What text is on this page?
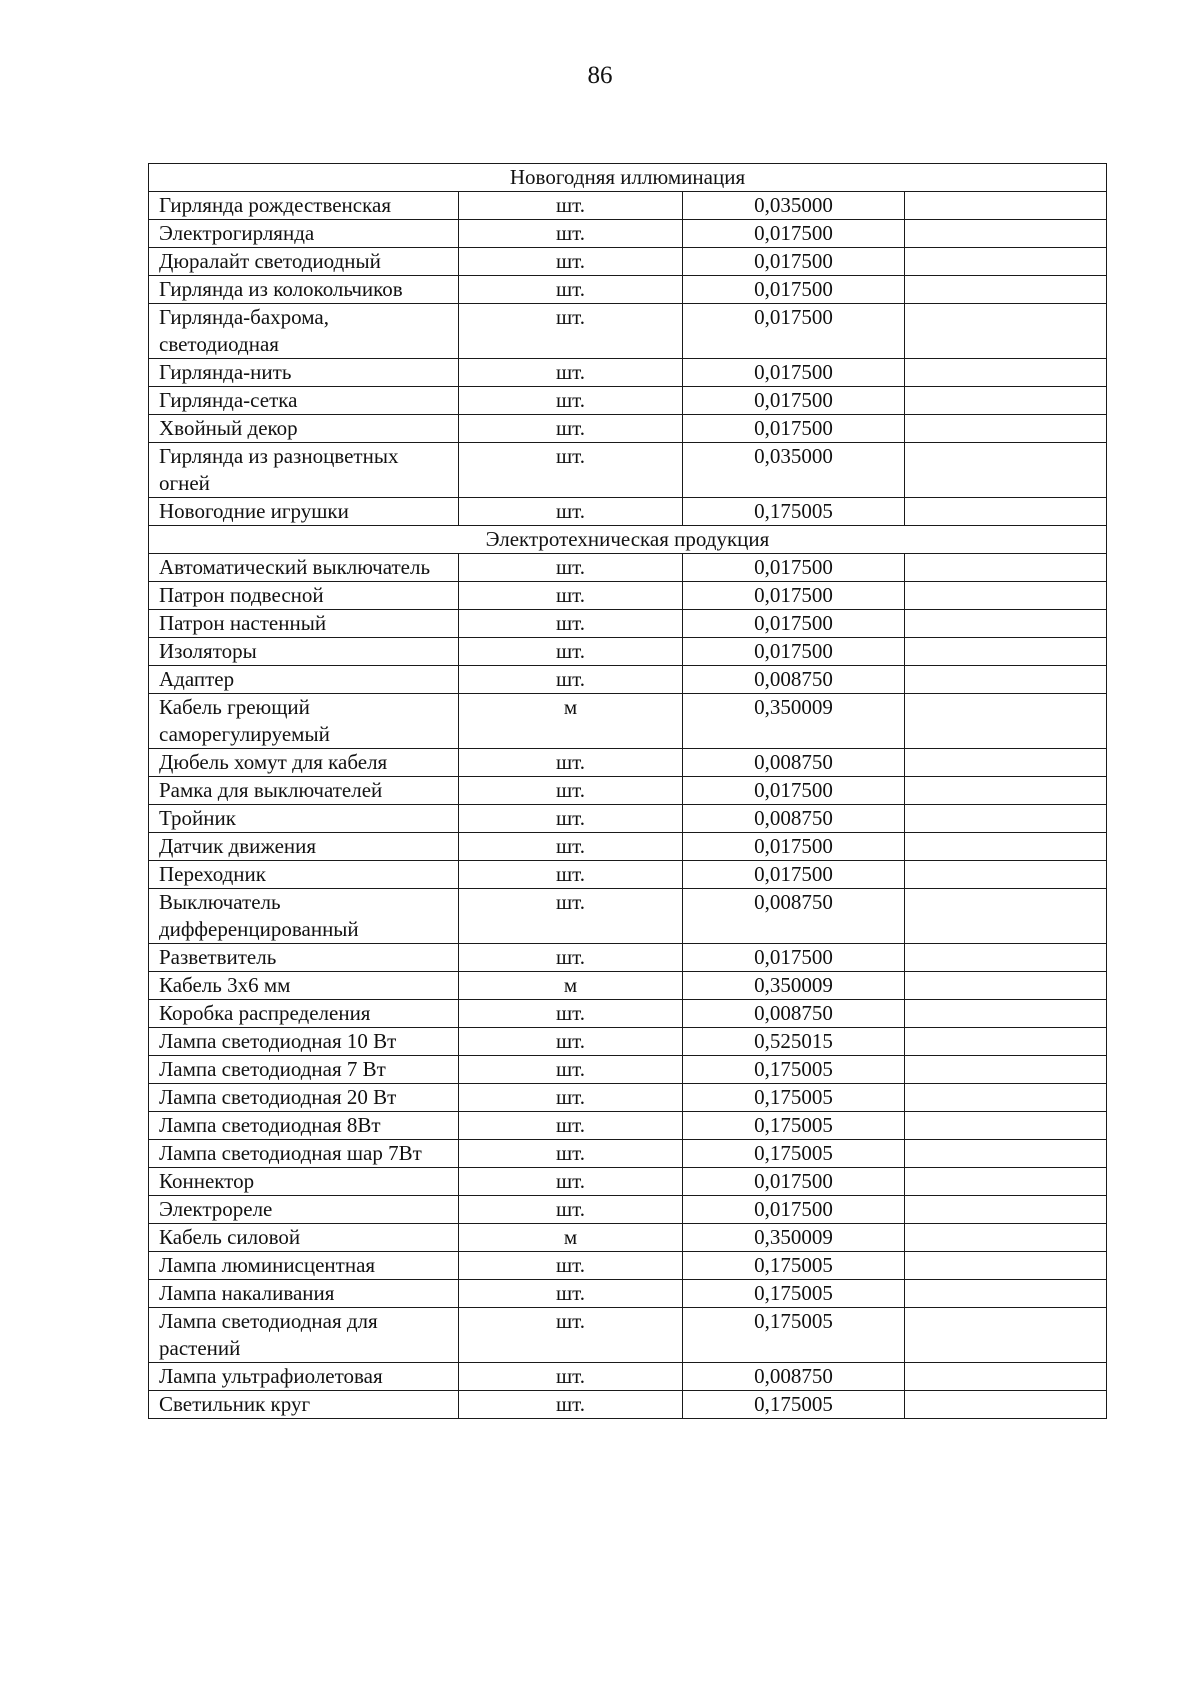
86
Новогодняя иллюминация			
Гирлянда рождественская	шт.	0,035000	
Электрогирлянда	шт.	0,017500	
Дюралайт светодиодный	шт.	0,017500	
Гирлянда из колокольчиков	шт.	0,017500	
Гирлянда-бахрома, светодиодная	шт.	0,017500	
Гирлянда-нить	шт.	0,017500	
Гирлянда-сетка	шт.	0,017500	
Хвойный декор	шт.	0,017500	
Гирлянда из разноцветных огней	шт.	0,035000	
Новогодние игрушки	шт.	0,175005	
Электротехническая продукция			
Автоматический выключатель	шт.	0,017500	
Патрон подвесной	шт.	0,017500	
Патрон настенный	шт.	0,017500	
Изоляторы	шт.	0,017500	
Адаптер	шт.	0,008750	
Кабель греющий саморегулируемый	м	0,350009	
Дюбель хомут для кабеля	шт.	0,008750	
Рамка для выключателей	шт.	0,017500	
Тройник	шт.	0,008750	
Датчик движения	шт.	0,017500	
Переходник	шт.	0,017500	
Выключатель дифференцированный	шт.	0,008750	
Разветвитель	шт.	0,017500	
Кабель 3x6 мм	м	0,350009	
Коробка распределения	шт.	0,008750	
Лампа светодиодная 10 Вт	шт.	0,525015	
Лампа светодиодная 7 Вт	шт.	0,175005	
Лампа светодиодная 20 Вт	шт.	0,175005	
Лампа светодиодная 8Вт	шт.	0,175005	
Лампа светодиодная шар 7Вт	шт.	0,175005	
Коннектор	шт.	0,017500	
Электрореле	шт.	0,017500	
Кабель силовой	м	0,350009	
Лампа люминисцентная	шт.	0,175005	
Лампа накаливания	шт.	0,175005	
Лампа светодиодная для растений	шт.	0,175005	
Лампа ультрафиолетовая	шт.	0,008750	
Светильник круг	шт.	0,175005	
